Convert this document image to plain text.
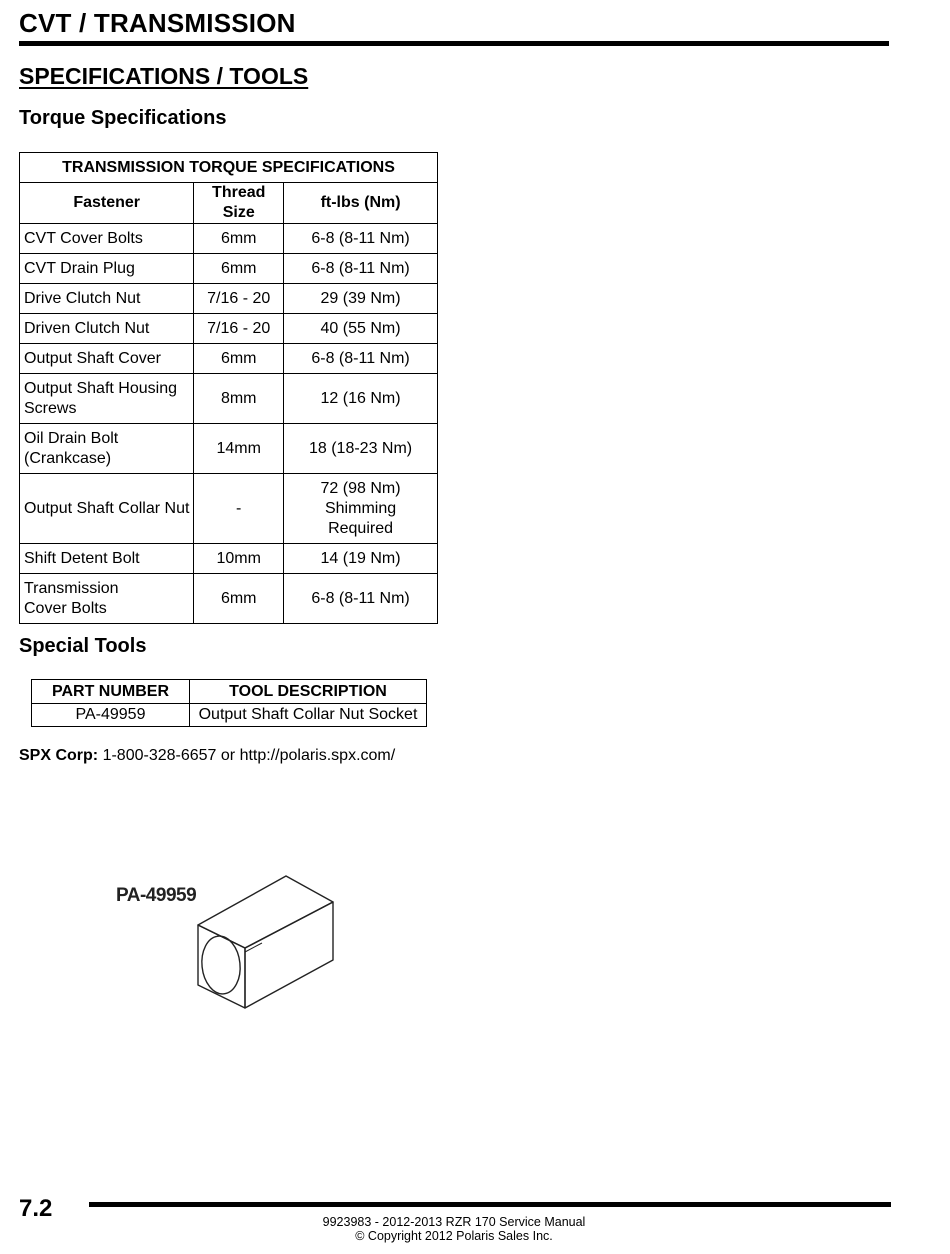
CVT / TRANSMISSION
SPECIFICATIONS / TOOLS
Torque Specifications
TRANSMISSION TORQUE SPECIFICATIONS		
Fastener	Thread Size	ft-lbs (Nm)
CVT Cover Bolts	6mm	6-8 (8-11 Nm)
CVT Drain Plug	6mm	6-8 (8-11 Nm)
Drive Clutch Nut	7/16 - 20	29 (39 Nm)
Driven Clutch Nut	7/16 - 20	40 (55 Nm)
Output Shaft Cover	6mm	6-8 (8-11 Nm)
Output Shaft Housing Screws	8mm	12 (16 Nm)
Oil Drain Bolt (Crankcase)	14mm	18 (18-23 Nm)
Output Shaft Collar Nut	-	72 (98 Nm) Shimming Required
Shift Detent Bolt	10mm	14 (19 Nm)
Transmission Cover Bolts	6mm	6-8 (8-11 Nm)
Special Tools
PART NUMBER	TOOL DESCRIPTION
PA-49959	Output Shaft Collar Nut Socket
SPX Corp: 1-800-328-6657 or http://polaris.spx.com/
PA-49959
7.2	9923983 - 2012-2013 RZR 170 Service Manual
© Copyright 2012 Polaris Sales Inc.
